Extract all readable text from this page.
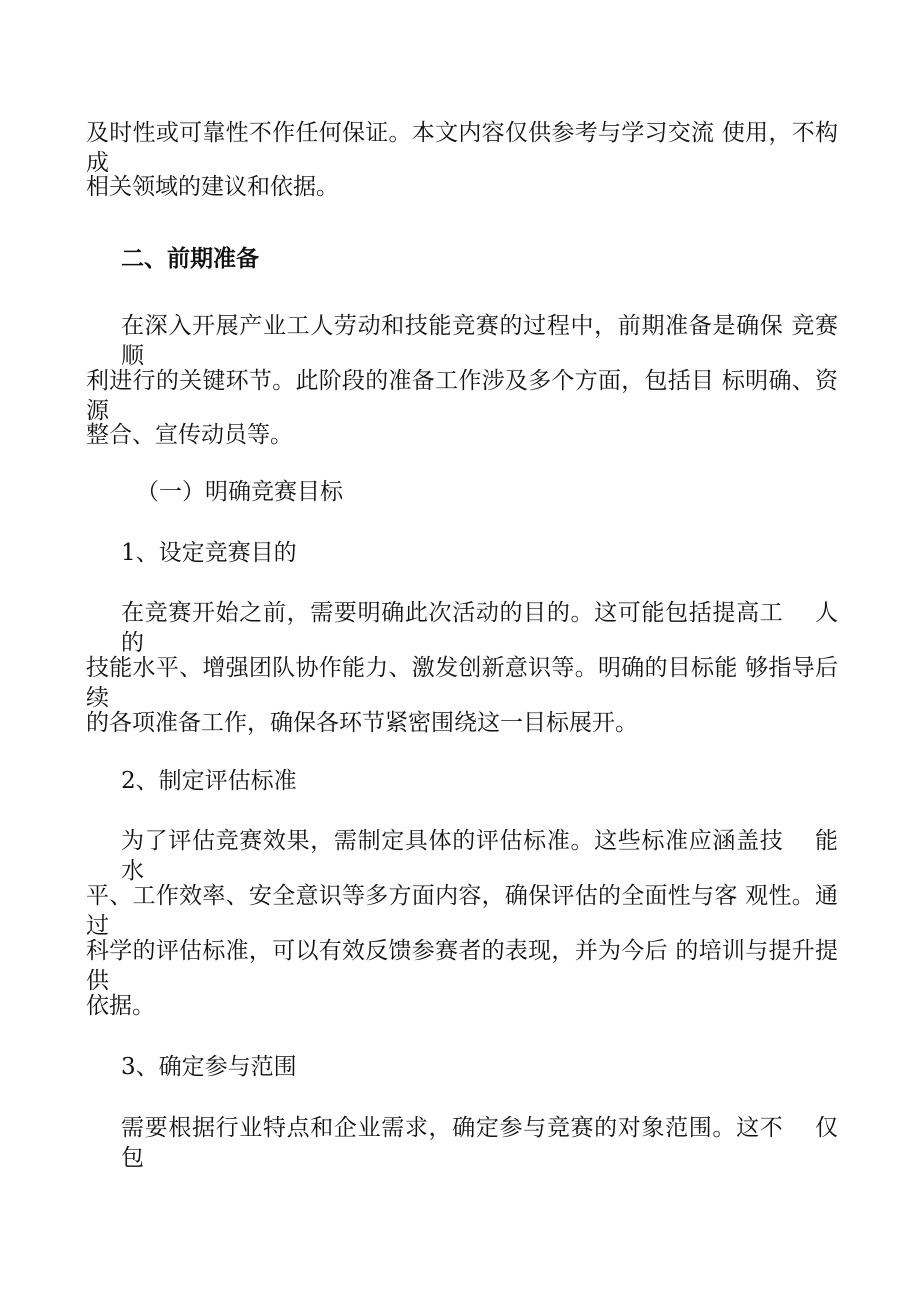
及时性或可靠性不作任何保证。本文内容仅供参考与学习交流 使用，不构成
相关领域的建议和依据。
二、前期准备
在深入开展产业工人劳动和技能竞赛的过程中，前期准备是确保 竞赛顺
利进行的关键环节。此阶段的准备工作涉及多个方面，包括目 标明确、资源
整合、宣传动员等。
（一）明确竞赛目标
1、设定竞赛目的
在竞赛开始之前，需要明确此次活动的目的。这可能包括提高工　 人的
技能水平、增强团队协作能力、激发创新意识等。明确的目标能 够指导后续
的各项准备工作，确保各环节紧密围绕这一目标展开。
2、制定评估标准
为了评估竞赛效果，需制定具体的评估标准。这些标准应涵盖技　 能水
平、工作效率、安全意识等多方面内容，确保评估的全面性与客 观性。通过
科学的评估标准，可以有效反馈参赛者的表现，并为今后 的培训与提升提供
依据。
3、确定参与范围
需要根据行业特点和企业需求，确定参与竞赛的对象范围。这不　 仅包
